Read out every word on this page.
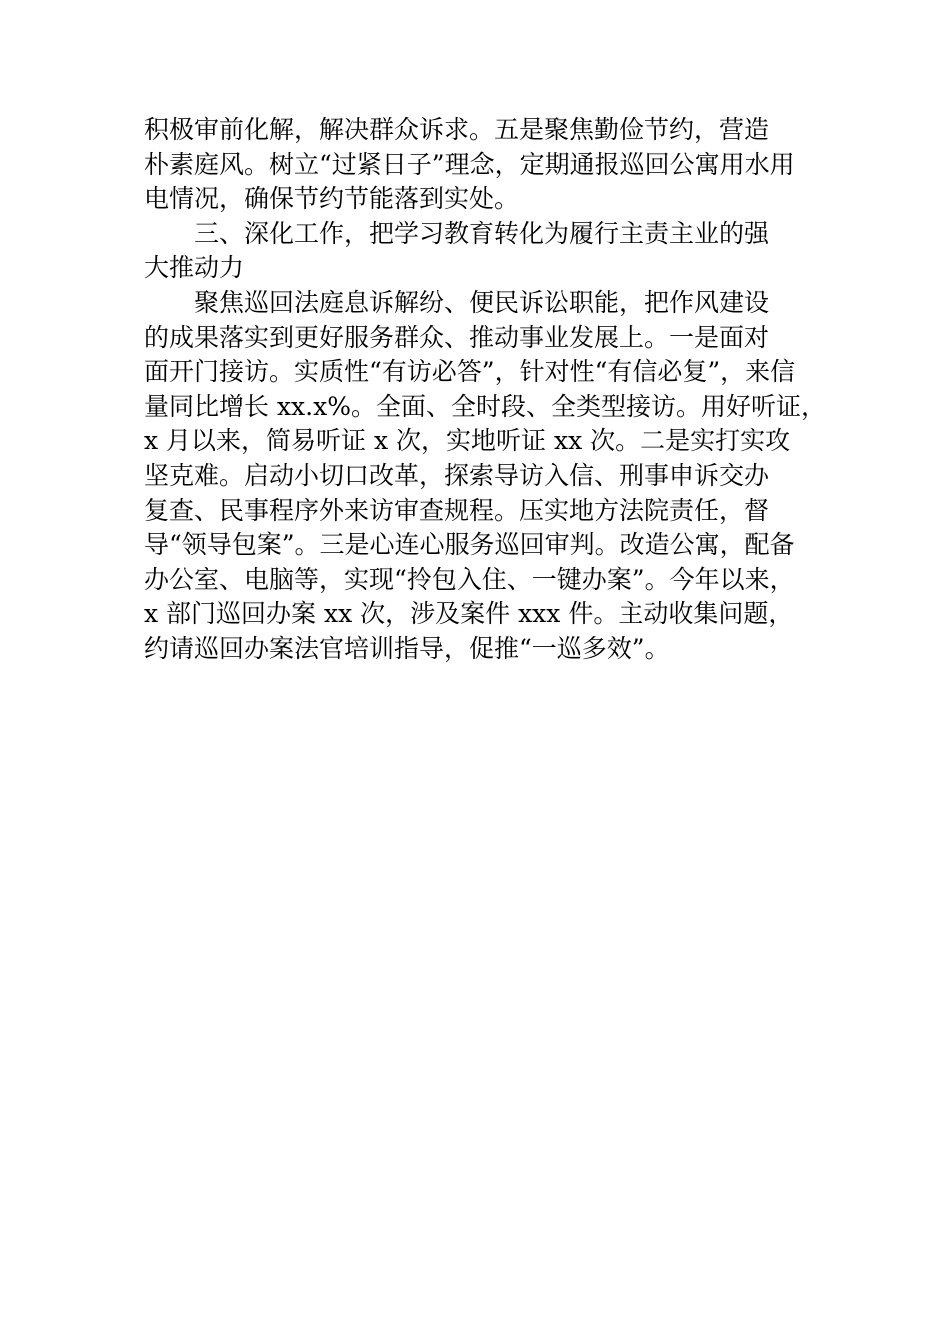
积极审前化解，解决群众诉求。五是聚焦勤俭节约，营造
朴素庭风。树立“过紧日子”理念，定期通报巡回公寓用水用
电情况，确保节约节能落到实处。
三、深化工作，把学习教育转化为履行主责主业的强
大推动力
聚焦巡回法庭息诉解纷、便民诉讼职能，把作风建设
的成果落实到更好服务群众、推动事业发展上。一是面对
面开门接访。实质性“有访必答”，针对性“有信必复”，来信
量同比增长 xx.x%。全面、全时段、全类型接访。用好听证，
x 月以来，简易听证 x 次，实地听证 xx 次。二是实打实攻
坚克难。启动小切口改革，探索导访入信、刑事申诉交办
复查、民事程序外来访审查规程。压实地方法院责任，督
导“领导包案”。三是心连心服务巡回审判。改造公寓，配备
办公室、电脑等，实现“拎包入住、一键办案”。今年以来，
x 部门巡回办案 xx 次，涉及案件 xxx 件。主动收集问题，
约请巡回办案法官培训指导，促推“一巡多效”。
